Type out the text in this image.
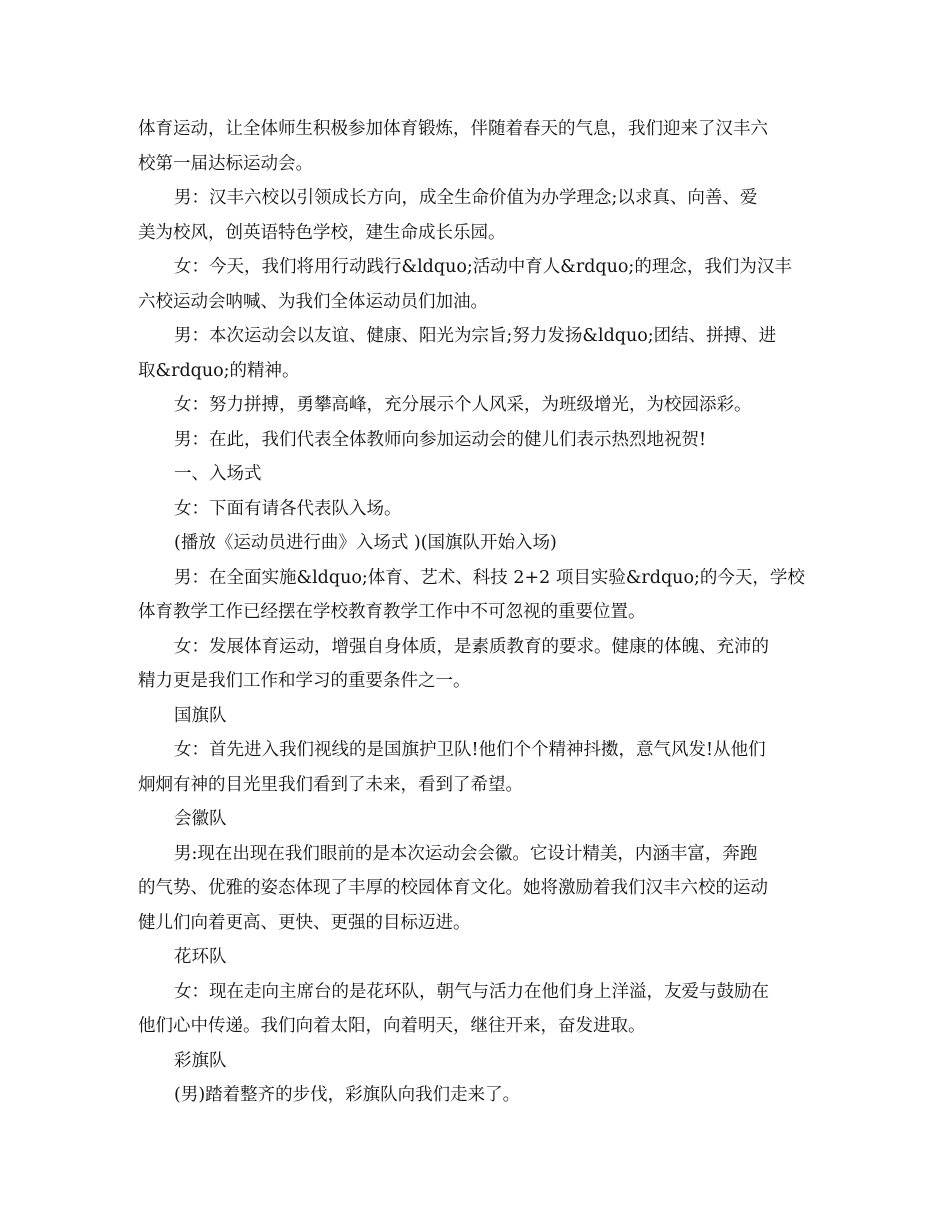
体育运动，让全体师生积极参加体育锻炼，伴随着春天的气息，我们迎来了汉丰六
校第一届达标运动会。
男：汉丰六校以引领成长方向，成全生命价值为办学理念;以求真、向善、爱
美为校风，创英语特色学校，建生命成长乐园。
女：今天，我们将用行动践行&ldquo;活动中育人&rdquo;的理念，我们为汉丰
六校运动会呐喊、为我们全体运动员们加油。
男：本次运动会以友谊、健康、阳光为宗旨;努力发扬&ldquo;团结、拼搏、进
取&rdquo;的精神。
女：努力拼搏，勇攀高峰，充分展示个人风采，为班级增光，为校园添彩。
男：在此，我们代表全体教师向参加运动会的健儿们表示热烈地祝贺!
一、入场式
女：下面有请各代表队入场。
(播放《运动员进行曲》入场式 )(国旗队开始入场)
男：在全面实施&ldquo;体育、艺术、科技 2+2 项目实验&rdquo;的今天，学校
体育教学工作已经摆在学校教育教学工作中不可忽视的重要位置。
女：发展体育运动，增强自身体质，是素质教育的要求。健康的体魄、充沛的
精力更是我们工作和学习的重要条件之一。
国旗队
女：首先进入我们视线的是国旗护卫队!他们个个精神抖擞，意气风发!从他们
炯炯有神的目光里我们看到了未来，看到了希望。
会徽队
男:现在出现在我们眼前的是本次运动会会徽。它设计精美，内涵丰富，奔跑
的气势、优雅的姿态体现了丰厚的校园体育文化。她将激励着我们汉丰六校的运动
健儿们向着更高、更快、更强的目标迈进。
花环队
女：现在走向主席台的是花环队，朝气与活力在他们身上洋溢，友爱与鼓励在
他们心中传递。我们向着太阳，向着明天，继往开来，奋发进取。
彩旗队
(男)踏着整齐的步伐，彩旗队向我们走来了。
